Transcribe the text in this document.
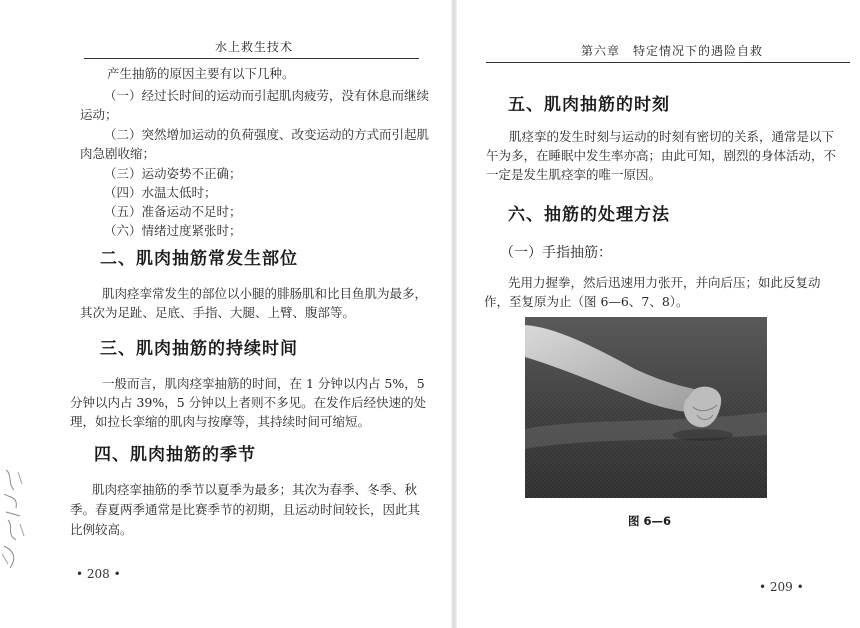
水上救生技术
产生抽筋的原因主要有以下几种。
（一）经过长时间的运动而引起肌肉疲劳，没有休息而继续
运动；
（二）突然增加运动的负荷强度、改变运动的方式而引起肌
肉急剧收缩；
（三）运动姿势不正确；
（四）水温太低时；
（五）准备运动不足时；
（六）情绪过度紧张时；
二、肌肉抽筋常发生部位
肌肉痉挛常发生的部位以小腿的腓肠肌和比目鱼肌为最多，
其次为足趾、足底、手指、大腿、上臂、腹部等。
三、肌肉抽筋的持续时间
一般而言，肌肉痉挛抽筋的时间，在 1 分钟以内占 5%，5
分钟以内占 39%，5 分钟以上者则不多见。在发作后经快速的处
理，如拉长挛缩的肌肉与按摩等，其持续时间可缩短。
四、肌肉抽筋的季节
肌肉痉挛抽筋的季节以夏季为最多；其次为春季、冬季、秋
季。春夏两季通常是比赛季节的初期，且运动时间较长，因此其
比例较高。
• 208 •
第六章　特定情况下的遇险自救
五、肌肉抽筋的时刻
肌痉挛的发生时刻与运动的时刻有密切的关系，通常是以下
午为多，在睡眠中发生率亦高；由此可知，剧烈的身体活动，不
一定是发生肌痉挛的唯一原因。
六、抽筋的处理方法
（一）手指抽筋：
先用力握拳，然后迅速用力张开，并向后压；如此反复动
作，至复原为止（图 6—6、7、8）。
• 209 •
图 6—6
